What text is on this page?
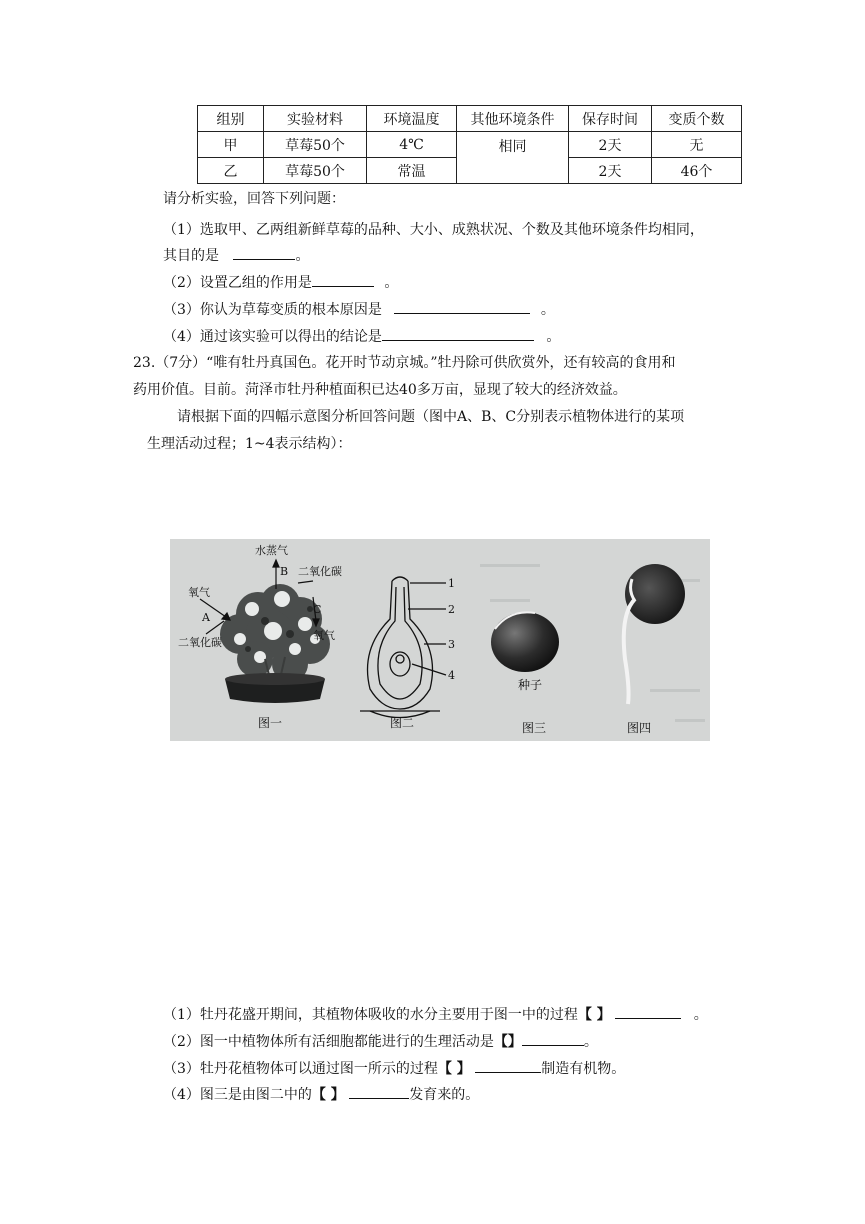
组别	实验材料	环境温度	其他环境条件	保存时间	变质个数
甲	草莓50个	4℃	相同	2天	无
乙	草莓50个	常温		2天	46个
请分析实验，回答下列问题：
（1）选取甲、乙两组新鲜草莓的品种、大小、成熟状况、个数及其他环境条件均相同，
其目的是	。
（2）设置乙组的作用是	。
（3）你认为草莓变质的根本原因是	。
（4）通过该实验可以得出的结论是	。
23.（7分）“唯有牡丹真国色。花开时节动京城。”牡丹除可供欣赏外，还有较高的食用和
药用价值。目前。菏泽市牡丹种植面积已达40多万亩，显现了较大的经济效益。
请根据下面的四幅示意图分析回答问题（图中A、B、C分别表示植物体进行的某项
生理活动过程；1~4表示结构）：
水蒸气
B 二氧化碳
氧气
A
C
二氧化碳
氧气
图一
1
2
3
4
图二
种子
图三	图四
（1）牡丹花盛开期间，其植物体吸收的水分主要用于图一中的过程【 】	。
（2）图一中植物体所有活细胞都能进行的生理活动是【】	。
（3）牡丹花植物体可以通过图一所示的过程【 】	制造有机物。
（4）图三是由图二中的【 】	发育来的。
